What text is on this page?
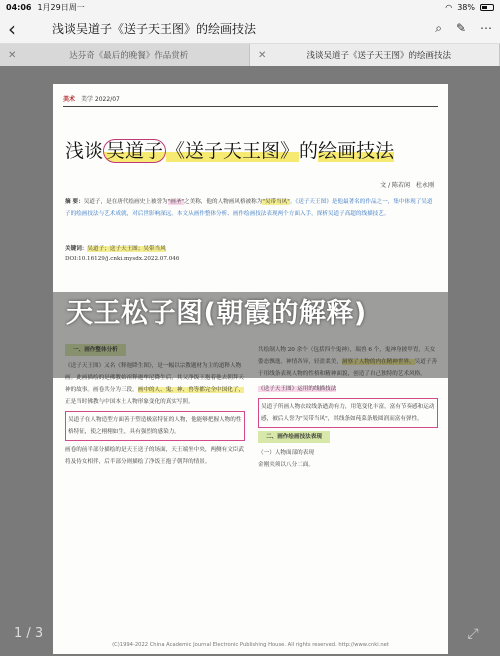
04:06 1月29日周一	◠ 38%
‹	浅谈吴道子《送子天王图》的绘画技法	⌕ ✎ ⋯
✕	达芬奇《最后的晚餐》作品赏析	✕	浅谈吴道子《送子天王图》的绘画技法
美术 美学 2022/07
浅谈 吴道子 《送子天王图》的绘画技法
文 / 陈若闲　杜永刚
摘 要：吴道子，是在唐代绘画史上被誉为"画圣"之美称，他的人物画风格被称为"吴带当风"。《送子天王图》是他最著名的作品之一，集中体现了吴道子的绘画技法与艺术成就，对后世影响深远。本文从画作整体分析、画作绘画技法表现两个方面入手，探析吴道子高超的线描技艺。
关键词：吴道子；送子天王图；吴带当风
DOI:10.16129/j.cnki.mysdx.2022.07.046
一、画作整体分析
《送子天王图》又名《释迦降生图》，是一幅以宗教题材为主的道释人物画。此画描绘的是佛教始祖释迦牟尼降生后，其父净饭王抱着他去朝拜天神的故事。画卷共分为三段，画中的人、鬼、神、兽等都完全中国化了，正是当时佛教与中国本土人物形象变化的真实写照。
吴道子在人物造型方面善于塑造极富特征的人物，他能够把握人物的性格特征，使之栩栩如生，具有强烈的感染力。
画卷的前半部分描绘的是天王送子的场面，天王端坐中央，两侧有文臣武将及侍女相伴，后半部分则描绘了净饭王抱子朝拜的情景。
共绘制人物 20 余个（包括四个鬼神），瑞兽 6 个，鬼神身披甲胄，天女姿态飘逸，神情各异，轻盈柔美，洞察了人物的内在精神世界。吴道子善于用线条表现人物的性格和精神面貌，创造了自己独特的艺术风格。
《送子天王图》运用的线描技法
吴道子所画人物衣纹线条遒劲有力，用笔变化丰富，富有节奏感和运动感，被后人誉为"吴带当风"，其线条如莼菜条般圆润而富有弹性。
二、画作绘画技法表现
（一）人物面部的表现
金刚夹须以八分二面。
(C)1994-2022 China Academic Journal Electronic Publishing House. All rights reserved. http://www.cnki.net
天王松子图(朝霞的解释)
1 / 3	⤢
